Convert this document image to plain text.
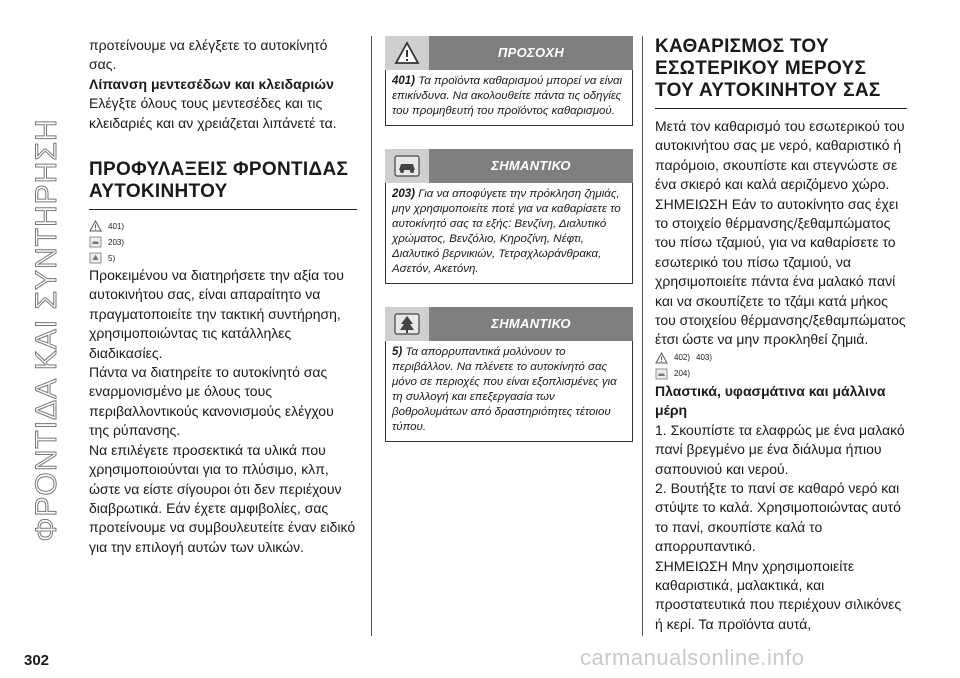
ΦΡΟΝΤΙΔΑ ΚΑΙ ΣΥΝΤΗΡΗΣΗ
302	carmanualsonline.info

προτείνουμε να ελέγξετε το αυτοκίνητό σας.

Λίπανση μεντεσέδων και κλειδαριών

Ελέγξτε όλους τους μεντεσέδες και τις κλειδαριές και αν χρειάζεται λιπάνετέ τα.

ΠΡΟΦΥΛΑΞΕΙΣ ΦΡΟΝΤΙΔΑΣ ΑΥΤΟΚΙΝΗΤΟΥ
401)
203)
5)

Προκειμένου να διατηρήσετε την αξία του αυτοκινήτου σας, είναι απαραίτητο να πραγματοποιείτε την τακτική συντήρηση, χρησιμοποιώντας τις κατάλληλες διαδικασίες.

Πάντα να διατηρείτε το αυτοκίνητό σας εναρμονισμένο με όλους τους περιβαλλοντικούς κανονισμούς ελέγχου της ρύπανσης.

Να επιλέγετε προσεκτικά τα υλικά που χρησιμοποιούνται για το πλύσιμο, κλπ, ώστε να είστε σίγουροι ότι δεν περιέχουν διαβρωτικά. Εάν έχετε αμφιβολίες, σας προτείνουμε να συμβουλευτείτε έναν ειδικό για την επιλογή αυτών των υλικών.

ΠΡΟΣΟΧΗ
401) Τα προϊόντα καθαρισμού μπορεί να είναι επικίνδυνα. Να ακολουθείτε πάντα τις οδηγίες του προμηθευτή του προϊόντος καθαρισμού.
ΣΗΜΑΝΤΙΚΟ
203) Για να αποφύγετε την πρόκληση ζημιάς, μην χρησιμοποιείτε ποτέ για να καθαρίσετε το αυτοκίνητό σας τα εξής: Βενζίνη, Διαλυτικό χρώματος, Βενζόλιο, Κηροζίνη, Νέφτι, Διαλυτικό βερνικιών, Τετραχλωράνθρακα, Ασετόν, Ακετόνη.
ΣΗΜΑΝΤΙΚΟ
5) Τα απορρυπαντικά μολύνουν το περιβάλλον. Να πλένετε το αυτοκίνητό σας μόνο σε περιοχές που είναι εξοπλισμένες για τη συλλογή και επεξεργασία των βοθρολυμάτων από δραστηριότητες τέτοιου τύπου.
ΚΑΘΑΡΙΣΜΟΣ ΤΟΥ ΕΣΩΤΕΡΙΚΟΥ ΜΕΡΟΥΣ ΤΟΥ ΑΥΤΟΚΙΝΗΤΟΥ ΣΑΣ

Μετά τον καθαρισμό του εσωτερικού του αυτοκινήτου σας με νερό, καθαριστικό ή παρόμοιο, σκουπίστε και στεγνώστε σε ένα σκιερό και καλά αεριζόμενο χώρο.

ΣΗΜΕΙΩΣΗ Εάν το αυτοκίνητο σας έχει το στοιχείο θέρμανσης/ξεθαμπώματος του πίσω τζαμιού, για να καθαρίσετε το εσωτερικό του πίσω τζαμιού, να χρησιμοποιείτε πάντα ένα μαλακό πανί και να σκουπίζετε το τζάμι κατά μήκος του στοιχείου θέρμανσης/ξεθαμπώματος έτσι ώστε να μην προκληθεί ζημιά.

402) 403)
204)

Πλαστικά, υφασμάτινα και μάλλινα μέρη

1. Σκουπίστε τα ελαφρώς με ένα μαλακό πανί βρεγμένο με ένα διάλυμα ήπιου σαπουνιού και νερού.

2. Βουτήξτε το πανί σε καθαρό νερό και στύψτε το καλά. Χρησιμοποιώντας αυτό το πανί, σκουπίστε καλά το απορρυπαντικό.

ΣΗΜΕΙΩΣΗ Μην χρησιμοποιείτε καθαριστικά, μαλακτικά, και προστατευτικά που περιέχουν σιλικόνες ή κερί. Τα προϊόντα αυτά,
